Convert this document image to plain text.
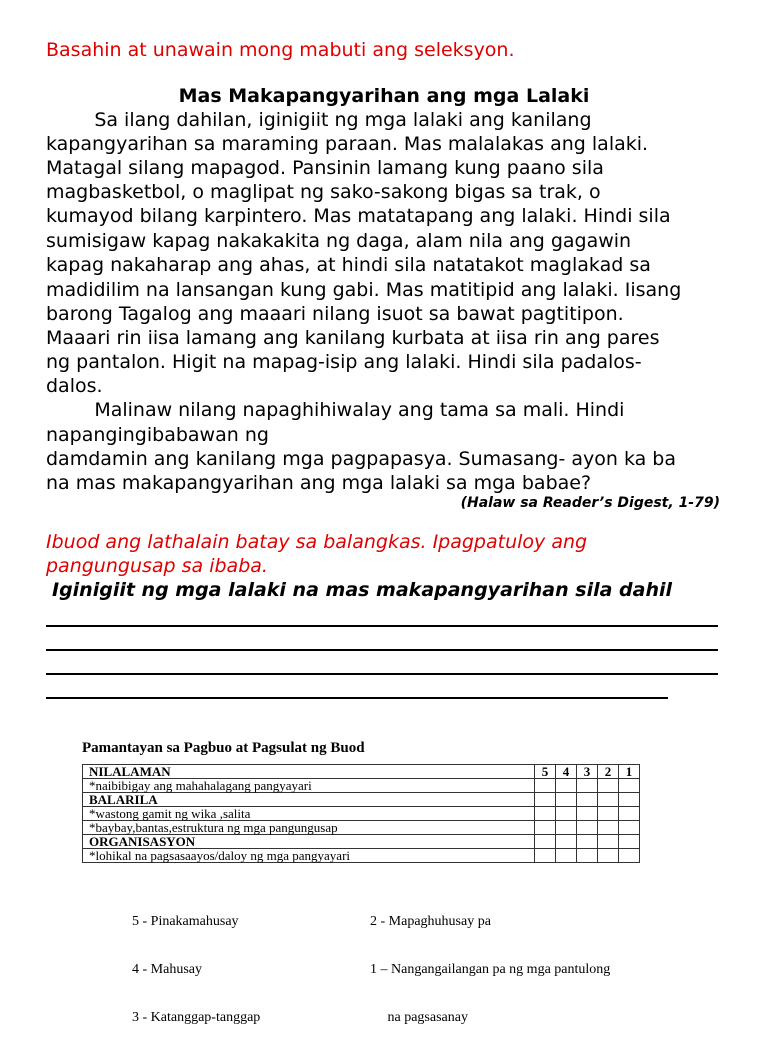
Basahin at unawain mong mabuti ang seleksyon.
Mas Makapangyarihan ang mga Lalaki
Sa ilang dahilan, iginigiit ng mga lalaki ang kanilang
kapangyarihan sa maraming paraan. Mas malalakas ang lalaki.
Matagal silang mapagod. Pansinin lamang kung paano sila
magbasketbol, o maglipat ng sako-sakong bigas sa trak, o
kumayod bilang karpintero. Mas matatapang ang lalaki. Hindi sila
sumisigaw kapag nakakakita ng daga, alam nila ang gagawin
kapag nakaharap ang ahas, at hindi sila natatakot maglakad sa
madidilim na lansangan kung gabi. Mas matitipid ang lalaki. Iisang
barong Tagalog ang maaari nilang isuot sa bawat pagtitipon.
Maaari rin iisa lamang ang kanilang kurbata at iisa rin ang pares
ng pantalon. Higit na mapag-isip ang lalaki. Hindi sila padalos-
dalos.
Malinaw nilang napaghihiwalay ang tama sa mali. Hindi
napangingibabawan ng
damdamin ang kanilang mga pagpapasya. Sumasang- ayon ka ba
na mas makapangyarihan ang mga lalaki sa mga babae?
(Halaw sa Reader’s Digest, 1-79)
Ibuod ang lathalain batay sa balangkas. Ipagpatuloy ang
pangungusap sa ibaba.
Iginigiit ng mga lalaki na mas makapangyarihan sila dahil
Pamantayan sa Pagbuo at Pagsulat ng Buod
NILALAMAN	5	4	3	2	1
*naibibigay ang mahahalagang pangyayari					
BALARILA					
*wastong gamit ng wika ,salita					
*baybay,bantas,estruktura ng mga pangungusap					
ORGANISASYON					
*lohikal na pagsasaayos/daloy ng mga pangyayari					

5 - Pinakamahusay

4 - Mahusay

3 - Katanggap-tanggap

2 - Mapaghuhusay pa

1 – Nangangailangan pa ng mga pantulong

na pagsasanay
